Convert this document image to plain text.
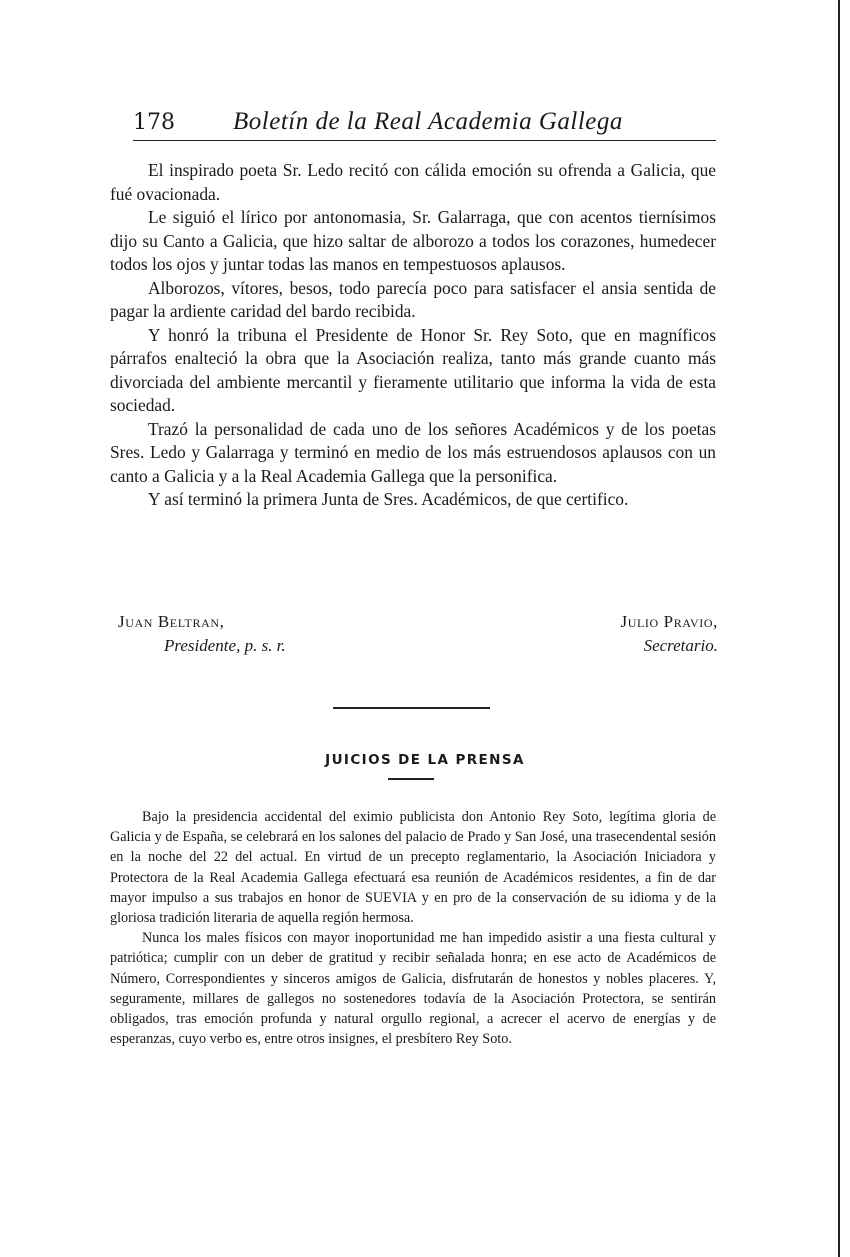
178 Boletín de la Real Academia Gallega

El inspirado poeta Sr. Ledo recitó con cálida emoción su ofrenda a Galicia, que fué ovacionada.

Le siguió el lírico por antonomasia, Sr. Galarraga, que con acentos tiernísimos dijo su Canto a Galicia, que hizo saltar de alborozo a todos los corazones, humedecer todos los ojos y juntar todas las manos en tempestuosos aplausos.

Alborozos, vítores, besos, todo parecía poco para satisfacer el ansia sentida de pagar la ardiente caridad del bardo recibida.

Y honró la tribuna el Presidente de Honor Sr. Rey Soto, que en magníficos párrafos enalteció la obra que la Asociación realiza, tanto más grande cuanto más divorciada del ambiente mercantil y fieramente utilitario que informa la vida de esta sociedad.

Trazó la personalidad de cada uno de los señores Académicos y de los poetas Sres. Ledo y Galarraga y terminó en medio de los más estruendosos aplausos con un canto a Galicia y a la Real Academia Gallega que la personifica.

Y así terminó la primera Junta de Sres. Académicos, de que certifico.

Juan Beltran,
Presidente, p. s. r.
Julio Pravio,
Secretario.
JUICIOS DE LA PRENSA

Bajo la presidencia accidental del eximio publicista don Antonio Rey Soto, legítima gloria de Galicia y de España, se celebrará en los salones del palacio de Prado y San José, una trasecendental sesión en la noche del 22 del actual. En virtud de un precepto reglamentario, la Asociación Iniciadora y Protectora de la Real Academia Gallega efectuará esa reunión de Académicos residentes, a fin de dar mayor impulso a sus trabajos en honor de SUEVIA y en pro de la conservación de su idioma y de la gloriosa tradición literaria de aquella región hermosa.

Nunca los males físicos con mayor inoportunidad me han impedido asistir a una fiesta cultural y patriótica; cumplir con un deber de gratitud y recibir señalada honra; en ese acto de Académicos de Número, Correspondientes y sinceros amigos de Galicia, disfrutarán de honestos y nobles placeres. Y, seguramente, millares de gallegos no sostenedores todavía de la Asociación Protectora, se sentirán obligados, tras emoción profunda y natural orgullo regional, a acrecer el acervo de energías y de esperanzas, cuyo verbo es, entre otros insignes, el presbítero Rey Soto.
